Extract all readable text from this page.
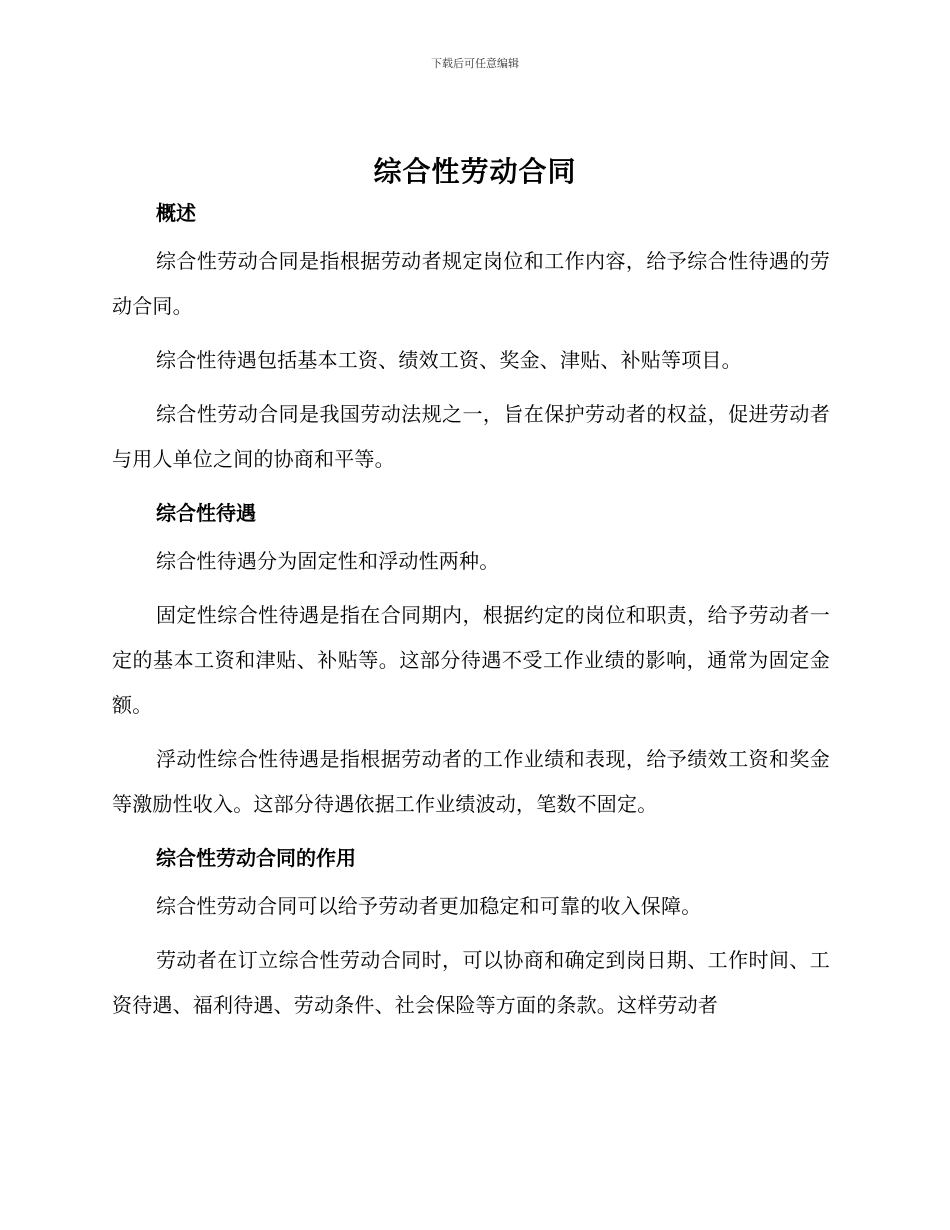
下载后可任意编辑
综合性劳动合同
概述

综合性劳动合同是指根据劳动者规定岗位和工作内容，给予综合性待遇的劳动合同。

综合性待遇包括基本工资、绩效工资、奖金、津贴、补贴等项目。

综合性劳动合同是我国劳动法规之一，旨在保护劳动者的权益，促进劳动者与用人单位之间的协商和平等。

综合性待遇

综合性待遇分为固定性和浮动性两种。

固定性综合性待遇是指在合同期内，根据约定的岗位和职责，给予劳动者一定的基本工资和津贴、补贴等。这部分待遇不受工作业绩的影响，通常为固定金额。

浮动性综合性待遇是指根据劳动者的工作业绩和表现，给予绩效工资和奖金等激励性收入。这部分待遇依据工作业绩波动，笔数不固定。

综合性劳动合同的作用

综合性劳动合同可以给予劳动者更加稳定和可靠的收入保障。

劳动者在订立综合性劳动合同时，可以协商和确定到岗日期、工作时间、工资待遇、福利待遇、劳动条件、社会保险等方面的条款。这样劳动者
